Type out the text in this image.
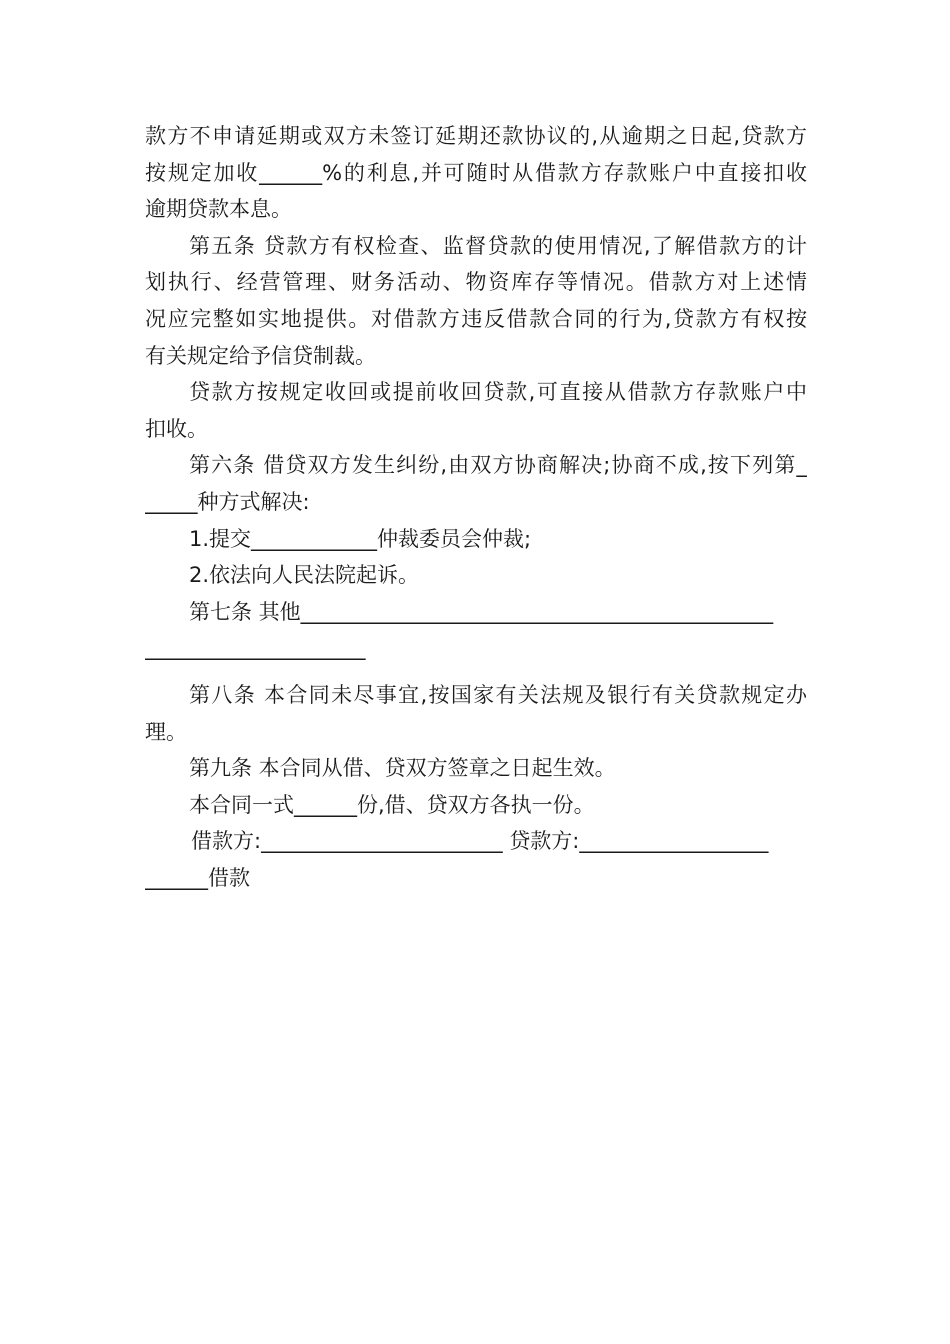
款方不申请延期或双方未签订延期还款协议的,从逾期之日起,贷款方
按规定加收______%的利息,并可随时从借款方存款账户中直接扣收
逾期贷款本息。
第五条 贷款方有权检查、监督贷款的使用情况,了解借款方的计
划执行、经营管理、财务活动、物资库存等情况。借款方对上述情
况应完整如实地提供。对借款方违反借款合同的行为,贷款方有权按
有关规定给予信贷制裁。
贷款方按规定收回或提前收回贷款,可直接从借款方存款账户中
扣收。
第六条 借贷双方发生纠纷,由双方协商解决;协商不成,按下列第_
_____种方式解决:
1.提交____________仲裁委员会仲裁;
2.依法向人民法院起诉。
第七条 其他_____________________________________________
_____________________
第八条 本合同未尽事宜,按国家有关法规及银行有关贷款规定办
理。
第九条 本合同从借、贷双方签章之日起生效。
本合同一式______份,借、贷双方各执一份。
借款方:_______________________ 贷款方:__________________
______借款
